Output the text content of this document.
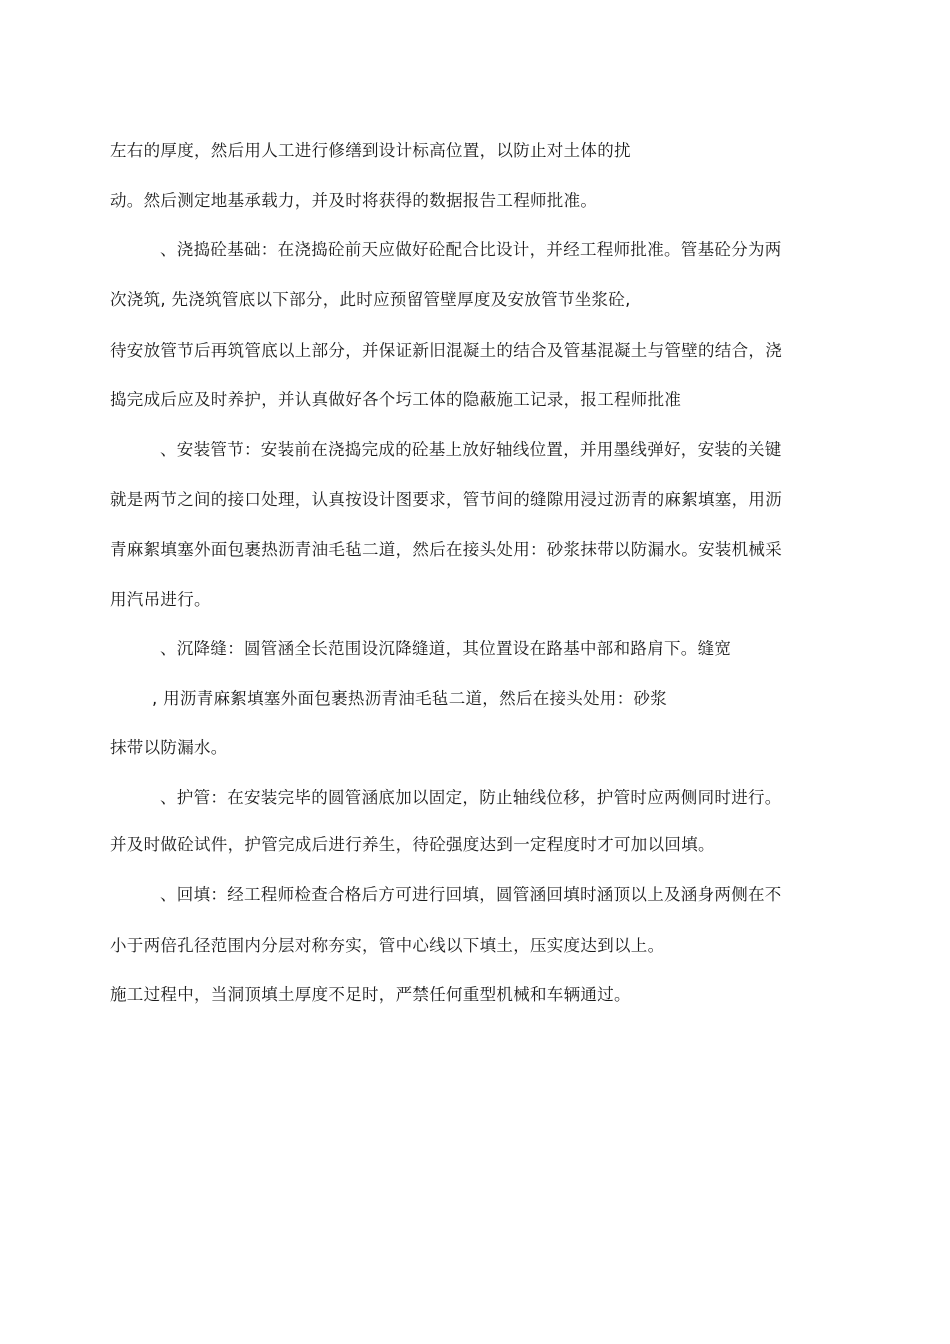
左右的厚度，然后用人工进行修缮到设计标高位置，以防止对土体的扰
动。然后测定地基承载力，并及时将获得的数据报告工程师批准。
、浇捣砼基础：在浇捣砼前天应做好砼配合比设计，并经工程师批准。管基砼分为两
次浇筑, 先浇筑管底以下部分，此时应预留管壁厚度及安放管节坐浆砼,
待安放管节后再筑管底以上部分，并保证新旧混凝土的结合及管基混凝土与管壁的结合，浇
捣完成后应及时养护，并认真做好各个圬工体的隐蔽施工记录，报工程师批准
、安装管节：安装前在浇捣完成的砼基上放好轴线位置，并用墨线弹好，安装的关键
就是两节之间的接口处理，认真按设计图要求，管节间的缝隙用浸过沥青的麻絮填塞，用沥
青麻絮填塞外面包裹热沥青油毛毡二道，然后在接头处用：砂浆抹带以防漏水。安装机械采
用汽吊进行。
、沉降缝：圆管涵全长范围设沉降缝道，其位置设在路基中部和路肩下。缝宽
, 用沥青麻絮填塞外面包裹热沥青油毛毡二道，然后在接头处用：砂浆
抹带以防漏水。
、护管：在安装完毕的圆管涵底加以固定，防止轴线位移，护管时应两侧同时进行。
并及时做砼试件，护管完成后进行养生，待砼强度达到一定程度时才可加以回填。
、回填：经工程师检查合格后方可进行回填，圆管涵回填时涵顶以上及涵身两侧在不
小于两倍孔径范围内分层对称夯实，管中心线以下填土，压实度达到以上。
施工过程中，当洞顶填土厚度不足时，严禁任何重型机械和车辆通过。
